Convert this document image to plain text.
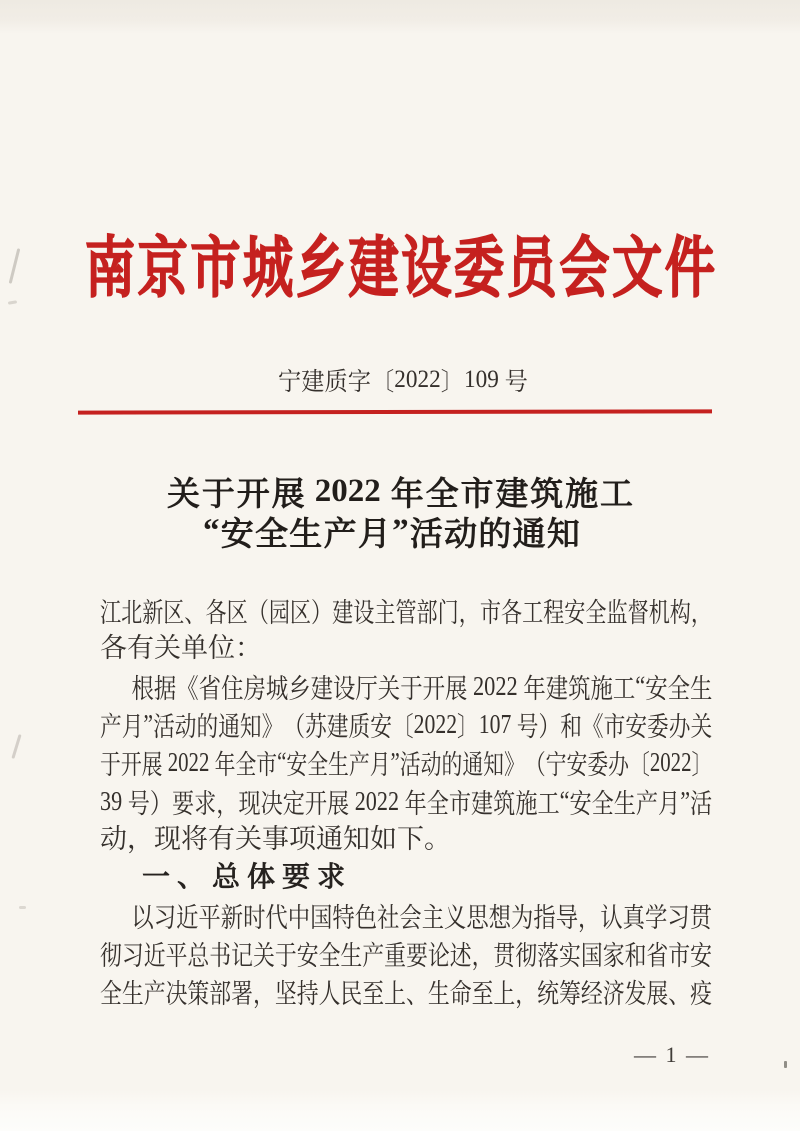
南 京 市 城 乡 建 设 委 员 会 文 件
宁 建 质 字 〔 2022 〕 109 号
关 于 开 展 2022 年 全 市 建 筑 施 工
“ 安 全 生 产 月 ” 活 动 的 通 知
江 北 新 区 、 各 区 （ 园 区 ） 建 设 主 管 部 门 ， 市 各 工 程 安 全 监 督 机 构 ，
各有关单位：
根 据 《 省 住 房 城 乡 建 设 厅 关 于 开 展 2022 年 建 筑 施 工 “ 安 全 生
产 月 ” 活 动 的 通 知 》 （ 苏 建 质 安 〔 2022 〕 107 号 ） 和 《 市 安 委 办 关
于 开 展 2022 年 全 市 “ 安 全 生 产 月 ” 活 动 的 通 知 》 （ 宁 安 委 办 〔 2022 〕
39 号 ） 要 求 ， 现 决 定 开 展 2022 年 全 市 建 筑 施 工 “ 安 全 生 产 月 ” 活
动，现将有关事项通知如下。
一、总体要求
以 习 近 平 新 时 代 中 国 特 色 社 会 主 义 思 想 为 指 导 ， 认 真 学 习 贯
彻 习 近 平 总 书 记 关 于 安 全 生 产 重 要 论 述 ， 贯 彻 落 实 国 家 和 省 市 安
全 生 产 决 策 部 署 ， 坚 持 人 民 至 上 、 生 命 至 上 ， 统 筹 经 济 发 展 、 疫
— 1 —
